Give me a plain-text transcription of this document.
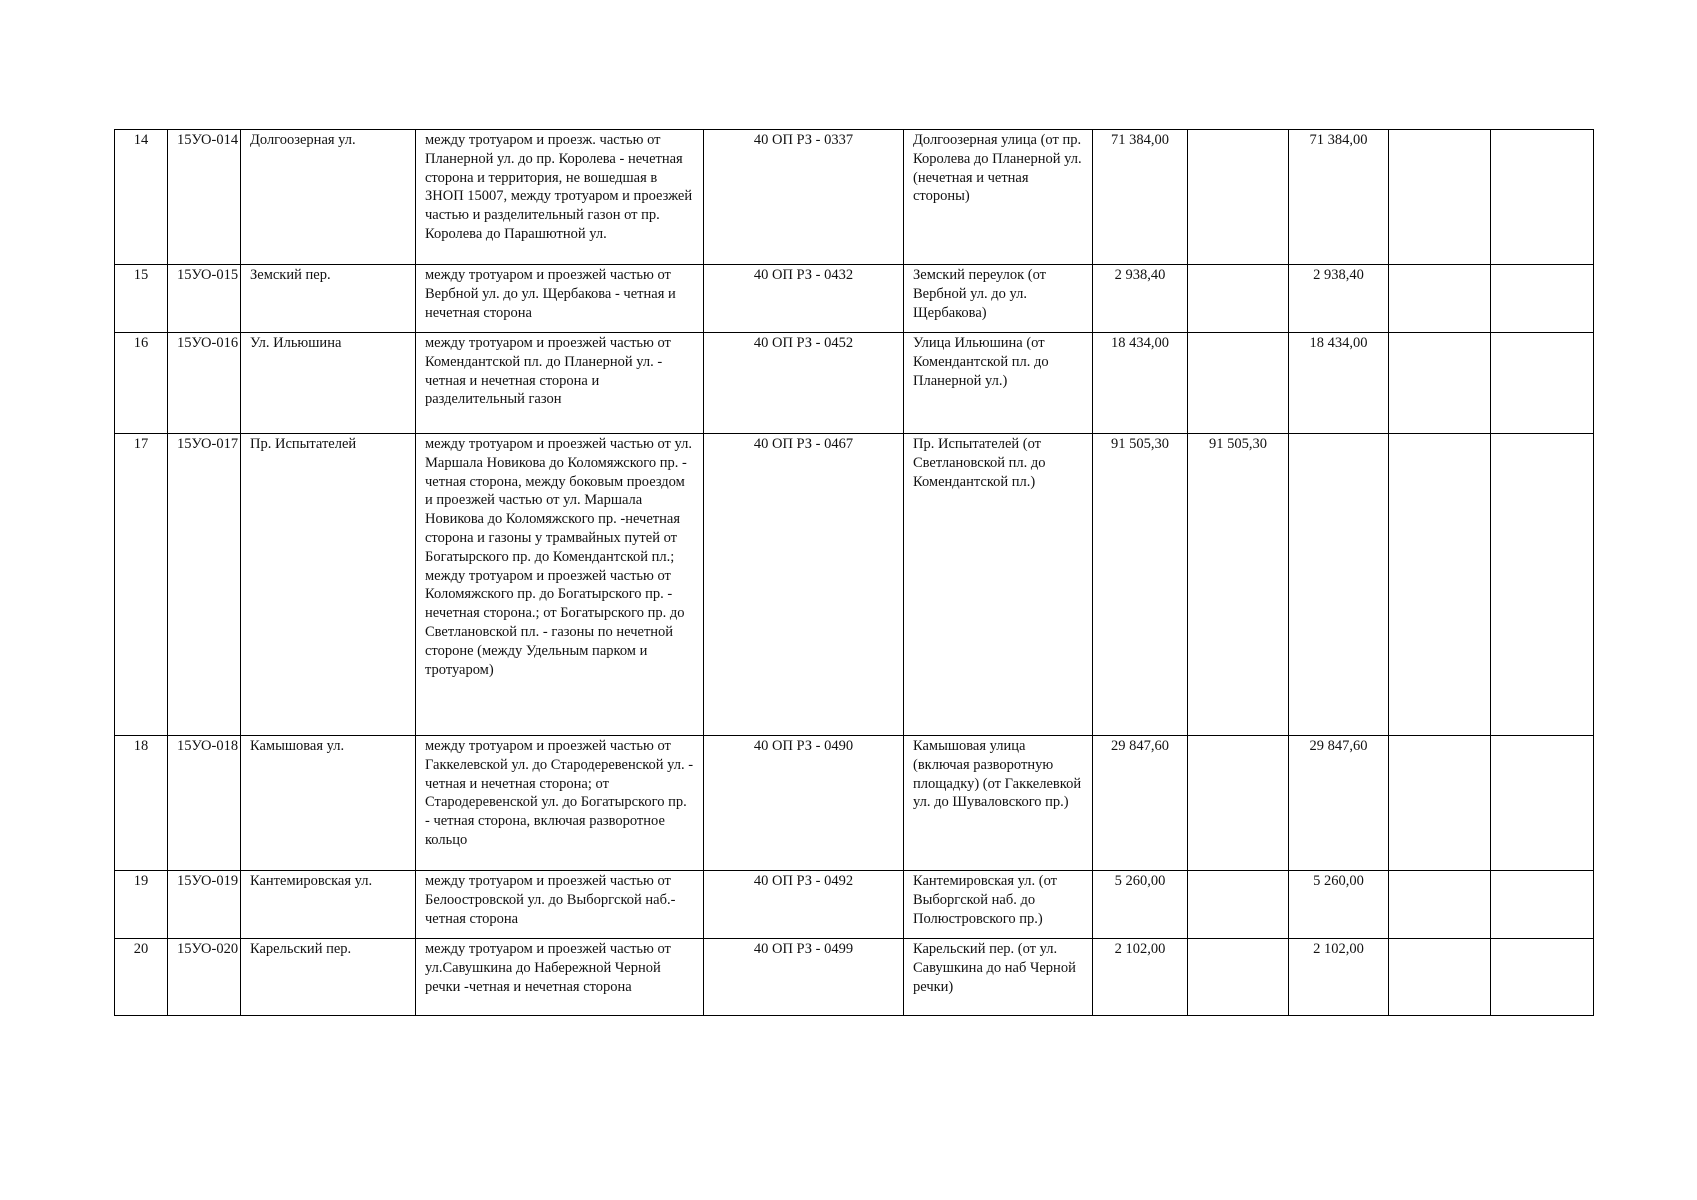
14	15УО-014	Долгоозерная ул.	между тротуаром и проезж. частью от Планерной ул. до пр. Королева - нечетная сторона и территория, не вошедшая в ЗНОП 15007, между тротуаром и проезжей частью и разделительный газон от пр. Королева до Парашютной ул.	40 ОП РЗ - 0337	Долгоозерная улица (от пр. Королева до Планерной ул. (нечетная и четная стороны)	71 384,00		71 384,00		
15	15УО-015	Земский пер.	между тротуаром и проезжей частью от Вербной ул. до ул. Щербакова - четная и нечетная сторона	40 ОП РЗ - 0432	Земский переулок (от Вербной ул. до ул. Щербакова)	2 938,40		2 938,40		
16	15УО-016	Ул. Ильюшина	между тротуаром и проезжей частью от Комендантской пл. до Планерной ул. - четная и нечетная сторона и разделительный газон	40 ОП РЗ - 0452	Улица Ильюшина (от Комендантской пл. до Планерной ул.)	18 434,00		18 434,00		
17	15УО-017	Пр. Испытателей	между тротуаром и проезжей частью от ул. Маршала Новикова до Коломяжского пр. - четная сторона, между боковым проездом и проезжей частью от ул. Маршала Новикова до Коломяжского пр. -нечетная сторона и газоны у трамвайных путей от Богатырского пр. до Комендантской пл.; между тротуаром и проезжей частью от Коломяжского пр. до Богатырского пр. - нечетная сторона.; от Богатырского пр. до Светлановской пл. - газоны по нечетной стороне (между Удельным парком и тротуаром)	40 ОП РЗ - 0467	Пр. Испытателей (от Светлановской пл. до Комендантской пл.)	91 505,30	91 505,30			
18	15УО-018	Камышовая ул.	между тротуаром и проезжей частью от Гаккелевской ул. до Стародеревенской ул. - четная и нечетная сторона; от Стародеревенской ул. до Богатырского пр. - четная сторона, включая разворотное кольцо	40 ОП РЗ - 0490	Камышовая улица (включая разворотную площадку) (от Гаккелевкой ул. до Шуваловского пр.)	29 847,60		29 847,60		
19	15УО-019	Кантемировская ул.	между тротуаром и проезжей частью от Белоостровской ул. до Выборгской наб.- четная сторона	40 ОП РЗ - 0492	Кантемировская ул. (от Выборгской наб. до Полюстровского пр.)	5 260,00		5 260,00		
20	15УО-020	Карельский пер.	между тротуаром и проезжей частью от ул.Савушкина до Набережной Черной речки -четная и нечетная сторона	40 ОП РЗ - 0499	Карельский пер. (от ул. Савушкина до наб Черной речки)	2 102,00		2 102,00		
